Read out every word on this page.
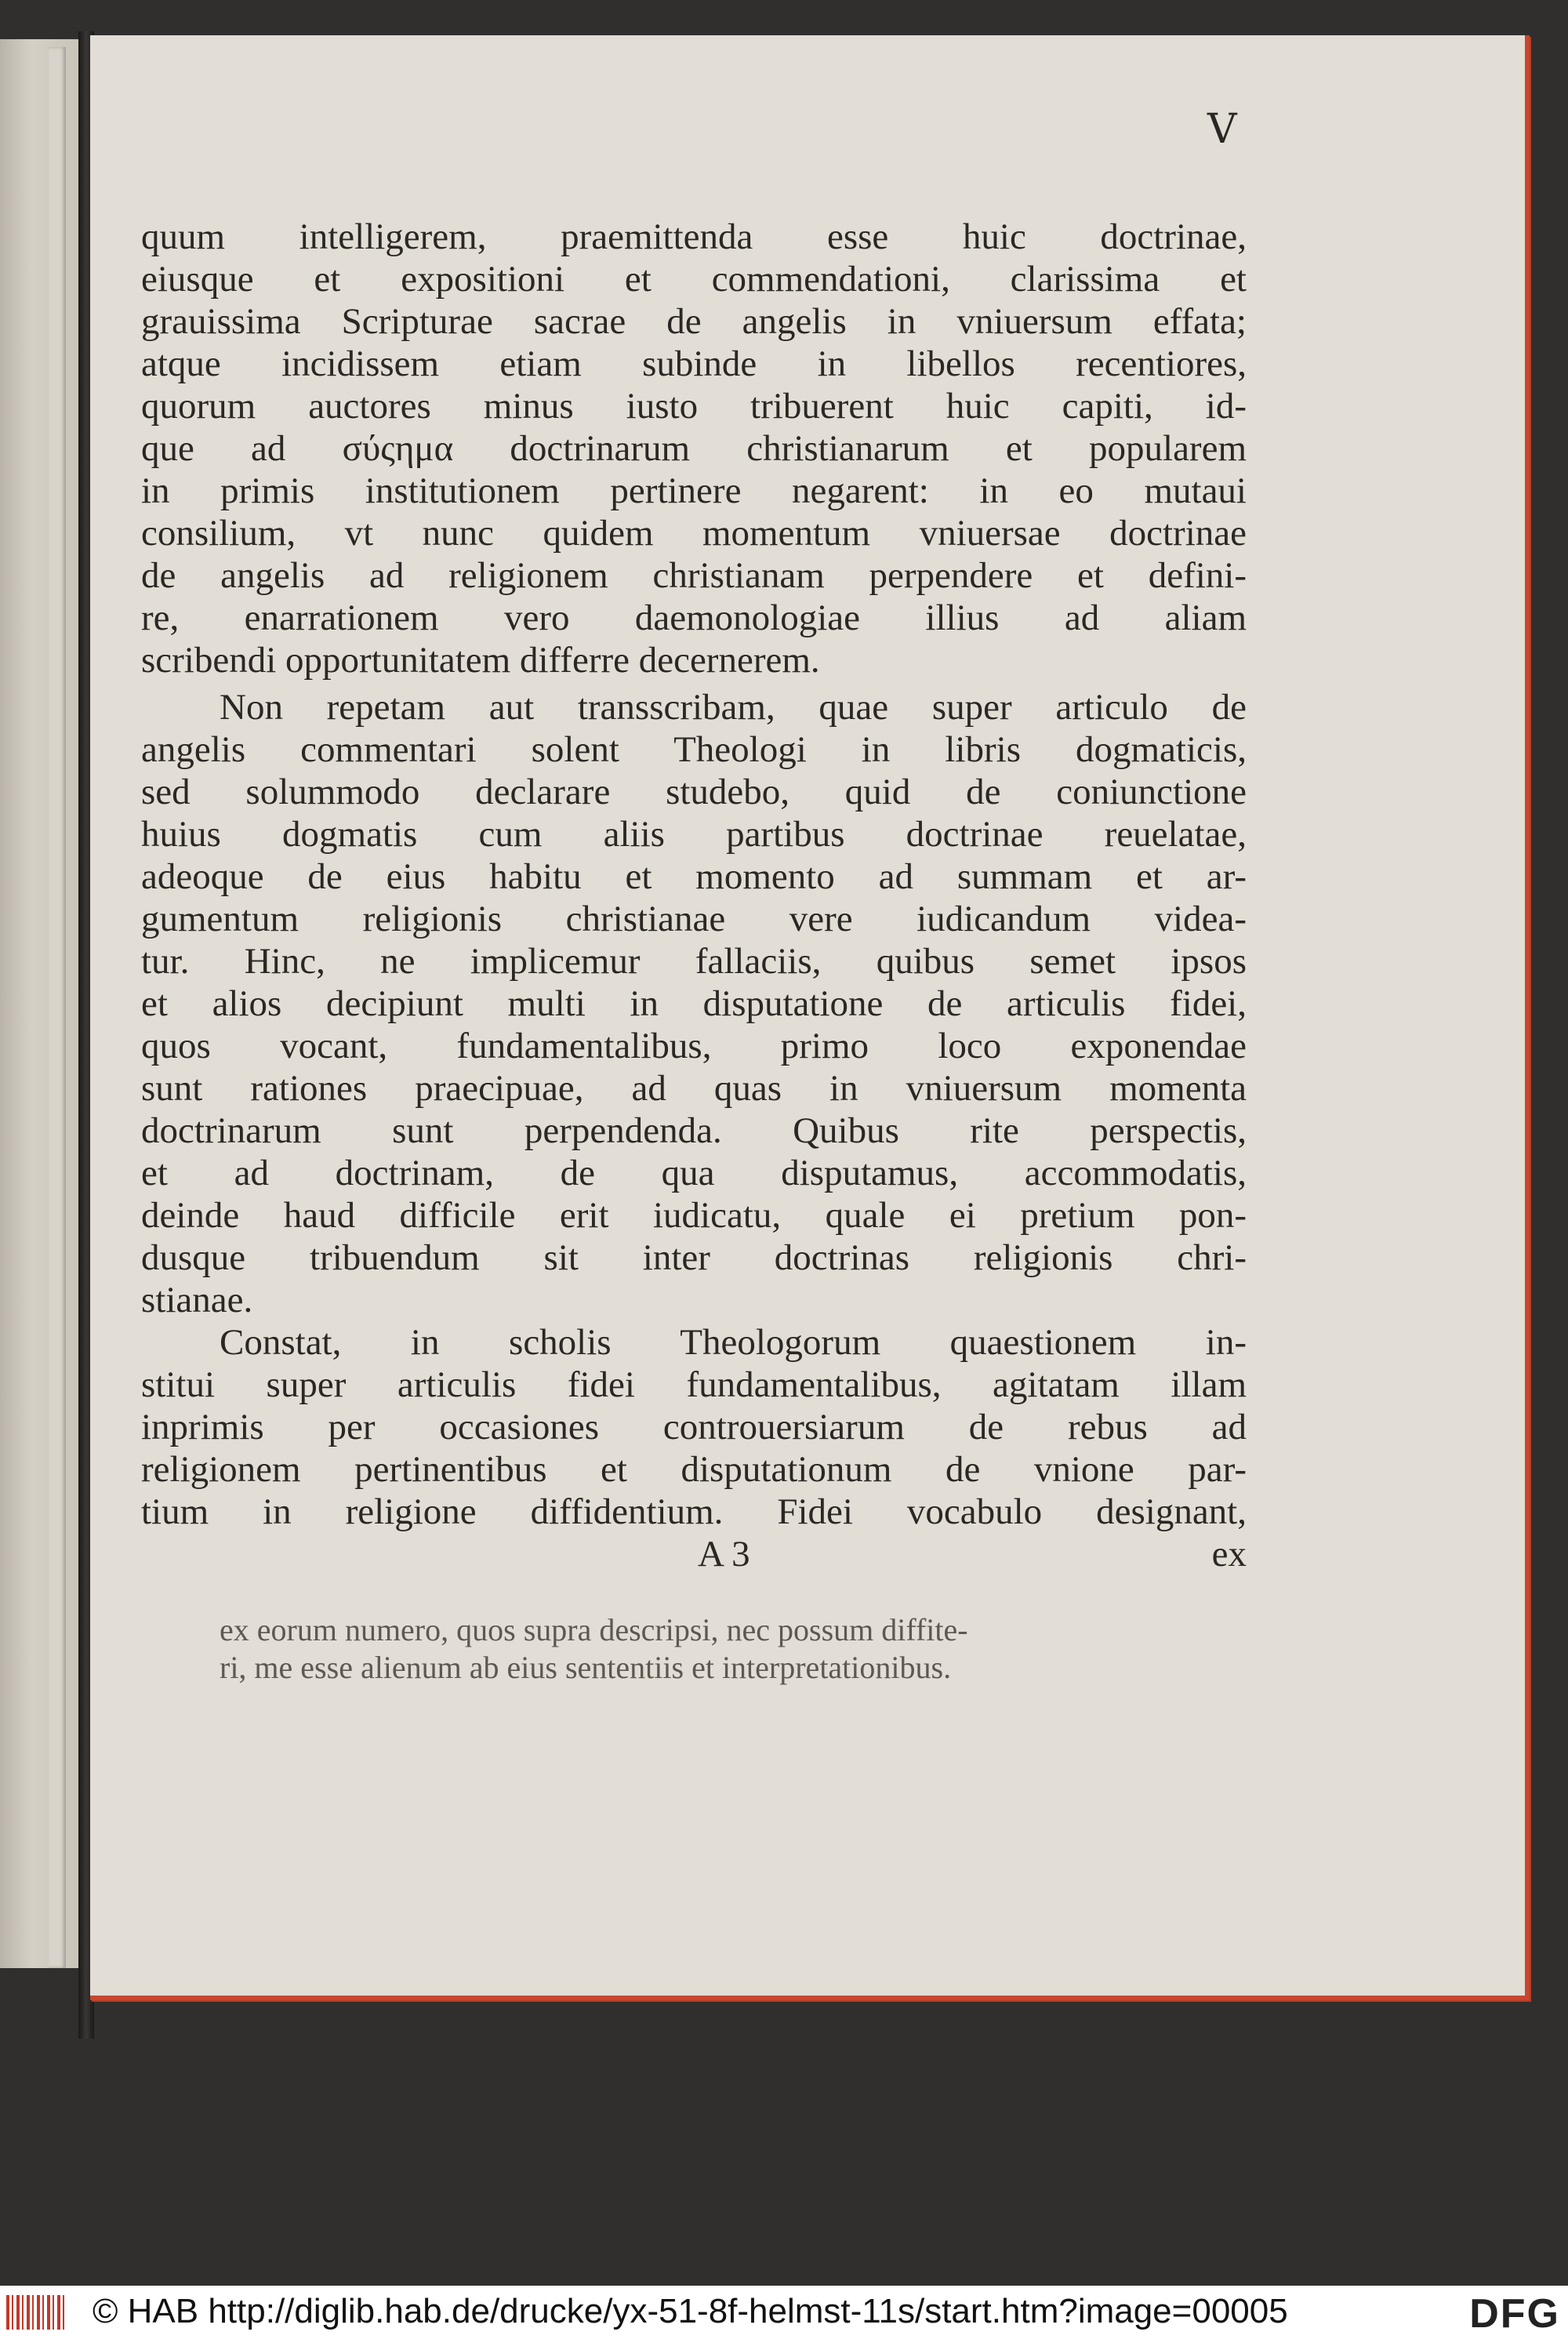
V
quum intelligerem, praemittenda esse huic doctrinae,
eiusque et expositioni et commendationi, clarissima et
grauissima Scripturae sacrae de angelis in vniuersum effata;
atque incidissem etiam subinde in libellos recentiores,
quorum auctores minus iusto tribuerent huic capiti, id-
que ad σύςημα doctrinarum christianarum et popularem
in primis institutionem pertinere negarent: in eo mutaui
consilium, vt nunc quidem momentum vniuersae doctrinae
de angelis ad religionem christianam perpendere et defini-
re, enarrationem vero daemonologiae illius ad aliam
scribendi opportunitatem differre decernerem.
Non repetam aut transscribam, quae super articulo de
angelis commentari solent Theologi in libris dogmaticis,
sed solummodo declarare studebo, quid de coniunctione
huius dogmatis cum aliis partibus doctrinae reuelatae,
adeoque de eius habitu et momento ad summam et ar-
gumentum religionis christianae vere iudicandum videa-
tur. Hinc, ne implicemur fallaciis, quibus semet ipsos
et alios decipiunt multi in disputatione de articulis fidei,
quos vocant, fundamentalibus, primo loco exponendae
sunt rationes praecipuae, ad quas in vniuersum momenta
doctrinarum sunt perpendenda. Quibus rite perspectis,
et ad doctrinam, de qua disputamus, accommodatis,
deinde haud difficile erit iudicatu, quale ei pretium pon-
dusque tribuendum sit inter doctrinas religionis chri-
stianae.
Constat, in scholis Theologorum quaestionem in-
stitui super articulis fidei fundamentalibus, agitatam illam
inprimis per occasiones controuersiarum de rebus ad
religionem pertinentibus et disputationum de vnione par-
tium in religione diffidentium. Fidei vocabulo designant,
A 3	ex
ex eorum numero, quos supra descripsi, nec possum diffite-
ri, me esse alienum ab eius sententiis et interpretationibus.
© HAB http://diglib.hab.de/drucke/yx-51-8f-helmst-11s/start.htm?image=00005	DFG
